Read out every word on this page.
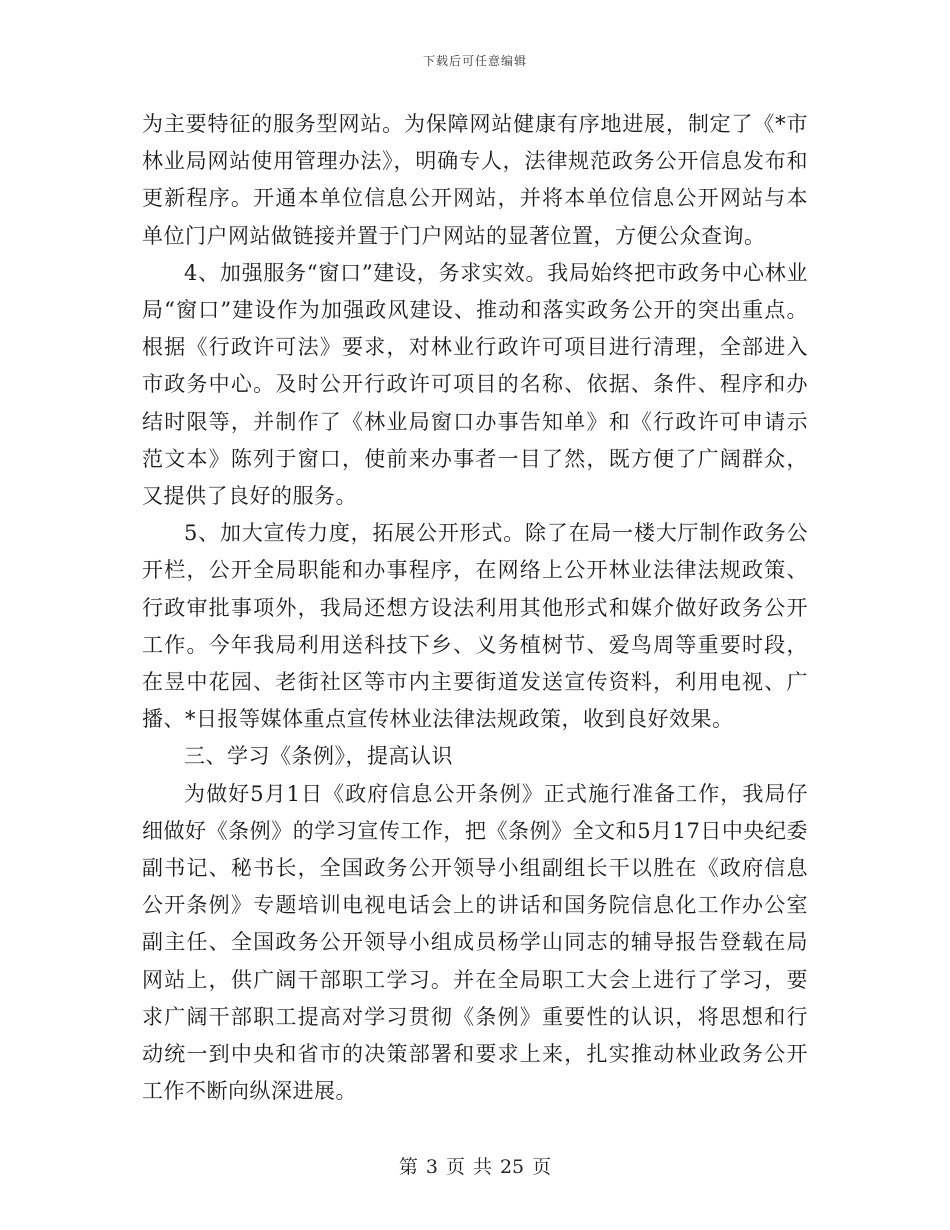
下载后可任意编辑

为主要特征的服务型网站。为保障网站健康有序地进展，制定了《*市林业局网站使用管理办法》，明确专人，法律规范政务公开信息发布和更新程序。开通本单位信息公开网站，并将本单位信息公开网站与本单位门户网站做链接并置于门户网站的显著位置，方便公众查询。

4、加强服务“窗口”建设，务求实效。我局始终把市政务中心林业局“窗口”建设作为加强政风建设、推动和落实政务公开的突出重点。根据《行政许可法》要求，对林业行政许可项目进行清理，全部进入市政务中心。及时公开行政许可项目的名称、依据、条件、程序和办结时限等，并制作了《林业局窗口办事告知单》和《行政许可申请示范文本》陈列于窗口，使前来办事者一目了然，既方便了广阔群众，又提供了良好的服务。

5、加大宣传力度，拓展公开形式。除了在局一楼大厅制作政务公开栏，公开全局职能和办事程序，在网络上公开林业法律法规政策、行政审批事项外，我局还想方设法利用其他形式和媒介做好政务公开工作。今年我局利用送科技下乡、义务植树节、爱鸟周等重要时段，在昱中花园、老街社区等市内主要街道发送宣传资料，利用电视、广播、*日报等媒体重点宣传林业法律法规政策，收到良好效果。

三、学习《条例》，提高认识

为做好5月1日《政府信息公开条例》正式施行准备工作，我局仔细做好《条例》的学习宣传工作，把《条例》全文和5月17日中央纪委副书记、秘书长，全国政务公开领导小组副组长干以胜在《政府信息公开条例》专题培训电视电话会上的讲话和国务院信息化工作办公室副主任、全国政务公开领导小组成员杨学山同志的辅导报告登载在局网站上，供广阔干部职工学习。并在全局职工大会上进行了学习，要求广阔干部职工提高对学习贯彻《条例》重要性的认识，将思想和行动统一到中央和省市的决策部署和要求上来，扎实推动林业政务公开工作不断向纵深进展。

第 3 页 共 25 页
